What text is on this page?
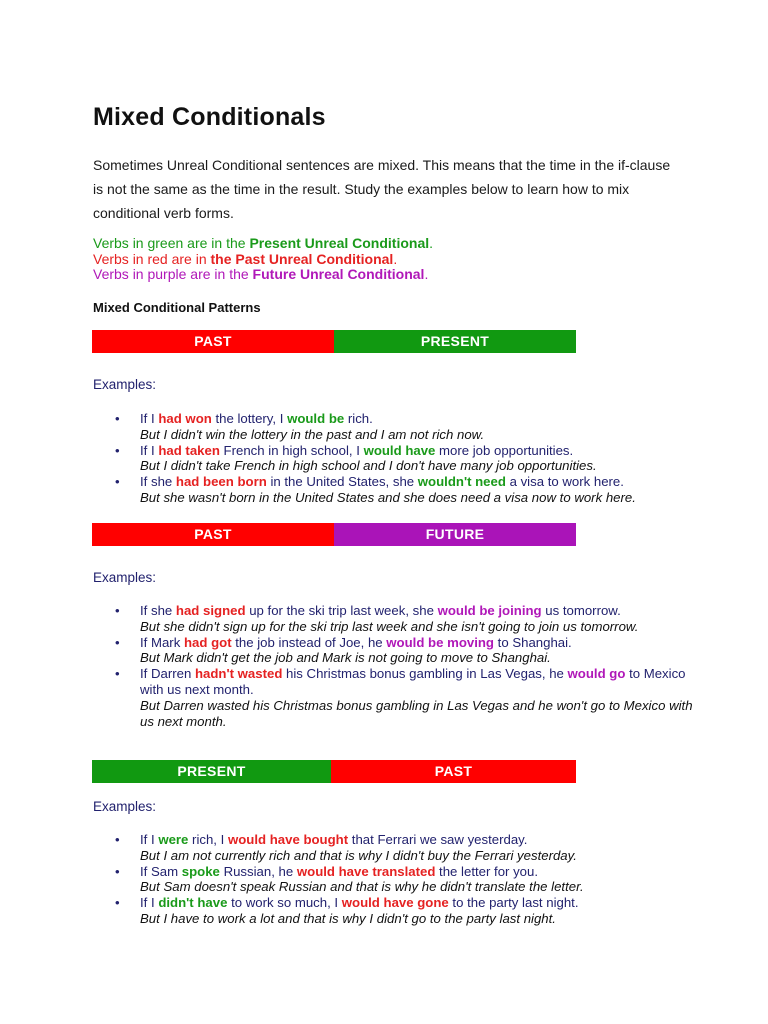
Mixed Conditionals

Sometimes Unreal Conditional sentences are mixed. This means that the time in the if-clause is not the same as the time in the result. Study the examples below to learn how to mix conditional verb forms.

Verbs in green are in the Present Unreal Conditional.
Verbs in red are in the Past Unreal Conditional.
Verbs in purple are in the Future Unreal Conditional.
Mixed Conditional Patterns
PAST	PRESENT

Examples:

• If I had won the lottery, I would be rich.
But I didn't win the lottery in the past and I am not rich now.
• If I had taken French in high school, I would have more job opportunities.
But I didn't take French in high school and I don't have many job opportunities.
• If she had been born in the United States, she wouldn't need a visa to work here.
But she wasn't born in the United States and she does need a visa now to work here.
PAST	FUTURE

Examples:

• If she had signed up for the ski trip last week, she would be joining us tomorrow.
But she didn't sign up for the ski trip last week and she isn't going to join us tomorrow.
• If Mark had got the job instead of Joe, he would be moving to Shanghai.
But Mark didn't get the job and Mark is not going to move to Shanghai.
• If Darren hadn't wasted his Christmas bonus gambling in Las Vegas, he would go to Mexico with us next month.
But Darren wasted his Christmas bonus gambling in Las Vegas and he won't go to Mexico with us next month.
PRESENT	PAST

Examples:

• If I were rich, I would have bought that Ferrari we saw yesterday.
But I am not currently rich and that is why I didn't buy the Ferrari yesterday.
• If Sam spoke Russian, he would have translated the letter for you.
But Sam doesn't speak Russian and that is why he didn't translate the letter.
• If I didn't have to work so much, I would have gone to the party last night.
But I have to work a lot and that is why I didn't go to the party last night.
